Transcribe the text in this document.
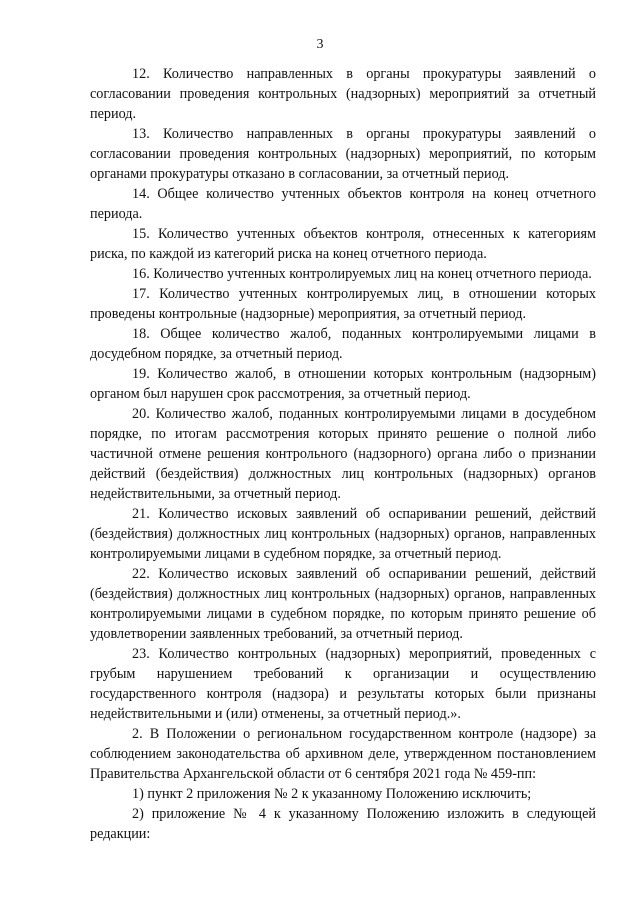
3

12. Количество направленных в органы прокуратуры заявлений о согласовании проведения контрольных (надзорных) мероприятий за отчетный период.

13. Количество направленных в органы прокуратуры заявлений о согласовании проведения контрольных (надзорных) мероприятий, по которым органами прокуратуры отказано в согласовании, за отчетный период.

14. Общее количество учтенных объектов контроля на конец отчетного периода.

15. Количество учтенных объектов контроля, отнесенных к категориям риска, по каждой из категорий риска на конец отчетного периода.

16. Количество учтенных контролируемых лиц на конец отчетного периода.

17. Количество учтенных контролируемых лиц, в отношении которых проведены контрольные (надзорные) мероприятия, за отчетный период.

18. Общее количество жалоб, поданных контролируемыми лицами в досудебном порядке, за отчетный период.

19. Количество жалоб, в отношении которых контрольным (надзорным) органом был нарушен срок рассмотрения, за отчетный период.

20. Количество жалоб, поданных контролируемыми лицами в досудебном порядке, по итогам рассмотрения которых принято решение о полной либо частичной отмене решения контрольного (надзорного) органа либо о признании действий (бездействия) должностных лиц контрольных (надзорных) органов недействительными, за отчетный период.

21. Количество исковых заявлений об оспаривании решений, действий (бездействия) должностных лиц контрольных (надзорных) органов, направленных контролируемыми лицами в судебном порядке, за отчетный период.

22. Количество исковых заявлений об оспаривании решений, действий (бездействия) должностных лиц контрольных (надзорных) органов, направленных контролируемыми лицами в судебном порядке, по которым принято решение об удовлетворении заявленных требований, за отчетный период.

23. Количество контрольных (надзорных) мероприятий, проведенных с грубым нарушением требований к организации и осуществлению государственного контроля (надзора) и результаты которых были признаны недействительными и (или) отменены, за отчетный период.».

2. В Положении о региональном государственном контроле (надзоре) за соблюдением законодательства об архивном деле, утвержденном постановлением Правительства Архангельской области от 6 сентября 2021 года № 459-пп:

1) пункт 2 приложения № 2 к указанному Положению исключить;

2) приложение № 4 к указанному Положению изложить в следующей редакции:
